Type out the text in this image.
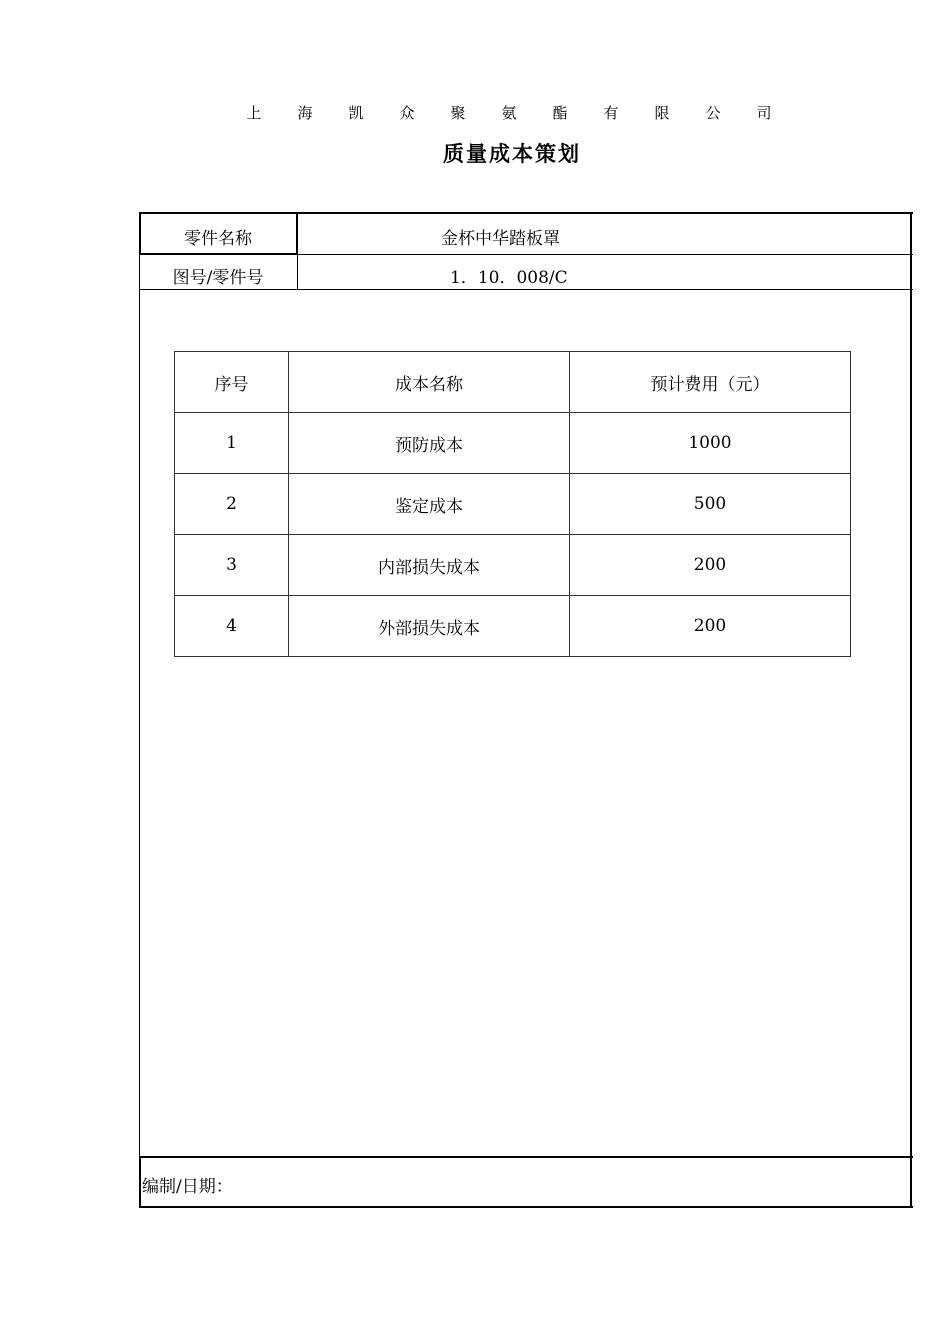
上 海 凯 众 聚 氨 酯 有 限 公 司
质量成本策划
零件名称	金杯中华踏板罩
图号/零件号	1．10．008/C
序号	成本名称	预计费用（元）
1	预防成本	1000
2	鉴定成本	500
3	内部损失成本	200
4	外部损失成本	200
编制/日期：
